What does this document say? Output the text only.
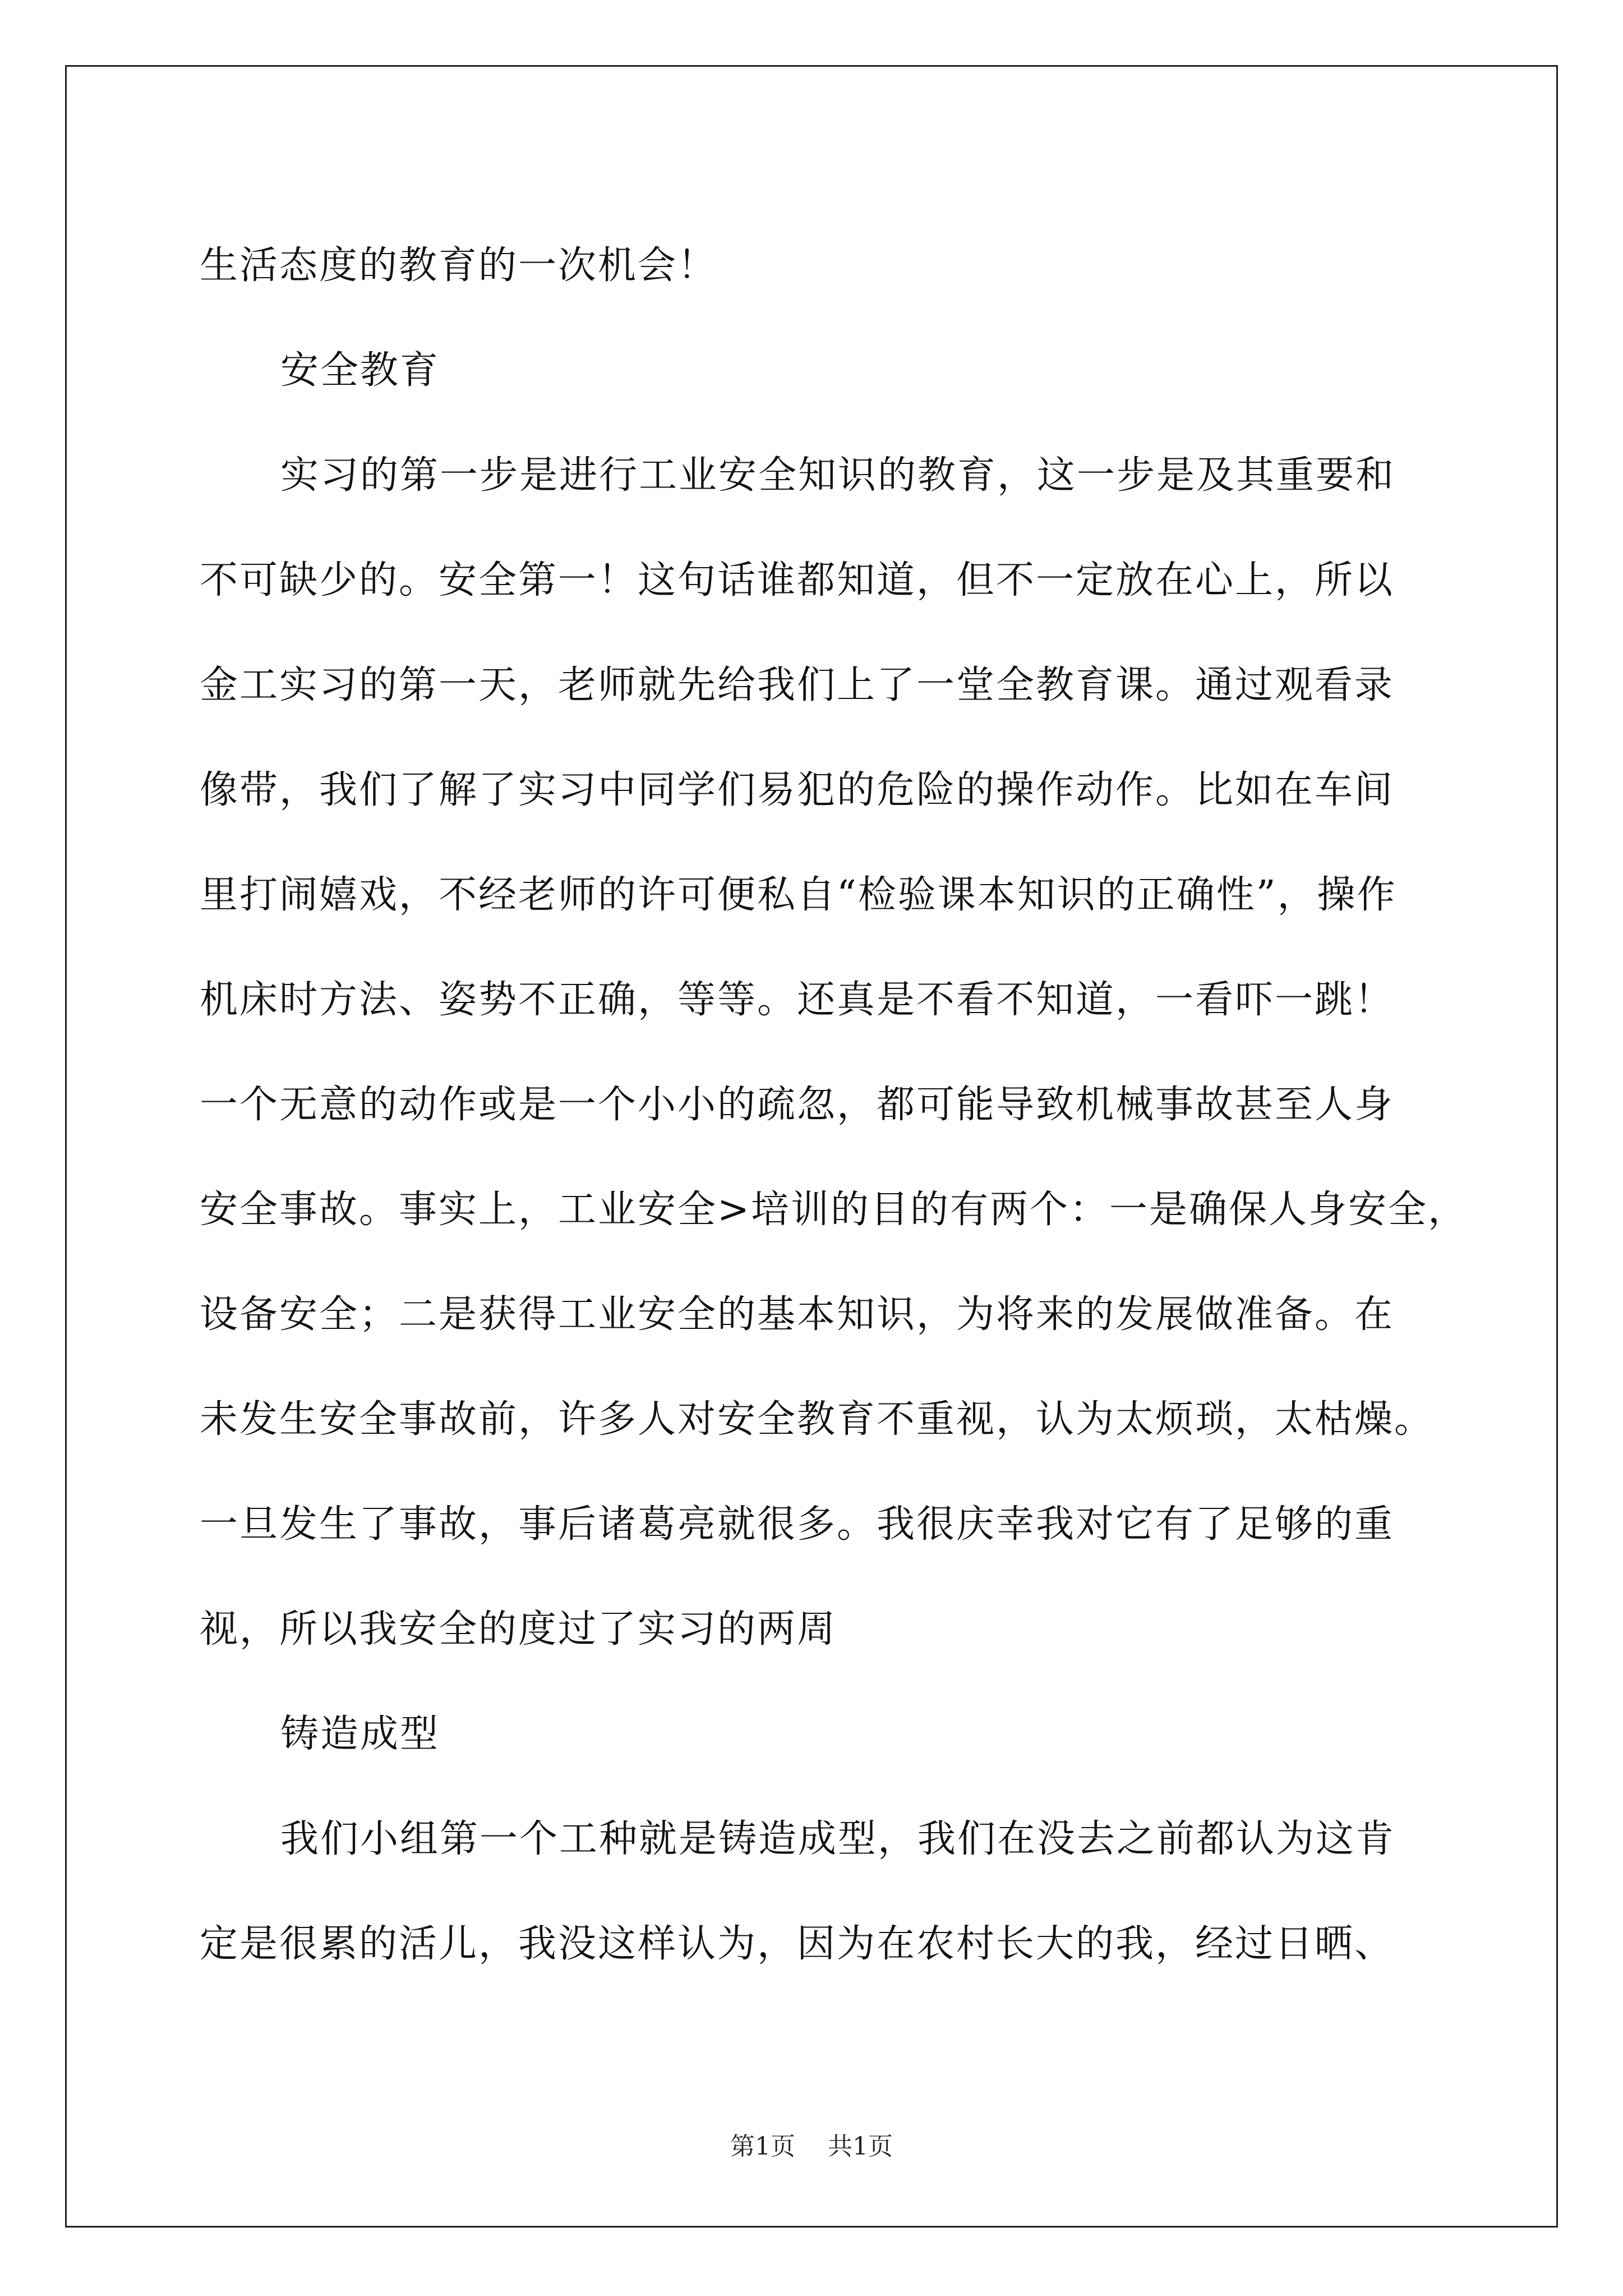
生活态度的教育的一次机会！

安全教育

实习的第一步是进行工业安全知识的教育，这一步是及其重要和

不可缺少的。安全第一！这句话谁都知道，但不一定放在心上，所以

金工实习的第一天，老师就先给我们上了一堂全教育课。通过观看录

像带，我们了解了实习中同学们易犯的危险的操作动作。比如在车间

里打闹嬉戏，不经老师的许可便私自“检验课本知识的正确性”，操作

机床时方法、姿势不正确，等等。还真是不看不知道，一看吓一跳！

一个无意的动作或是一个小小的疏忽，都可能导致机械事故甚至人身

安全事故。事实上，工业安全>培训的目的有两个：一是确保人身安全，

设备安全；二是获得工业安全的基本知识，为将来的发展做准备。在

未发生安全事故前，许多人对安全教育不重视，认为太烦琐，太枯燥。

一旦发生了事故，事后诸葛亮就很多。我很庆幸我对它有了足够的重

视，所以我安全的度过了实习的两周

铸造成型

我们小组第一个工种就是铸造成型，我们在没去之前都认为这肯

定是很累的活儿，我没这样认为，因为在农村长大的我，经过日晒、

第1页 共1页
